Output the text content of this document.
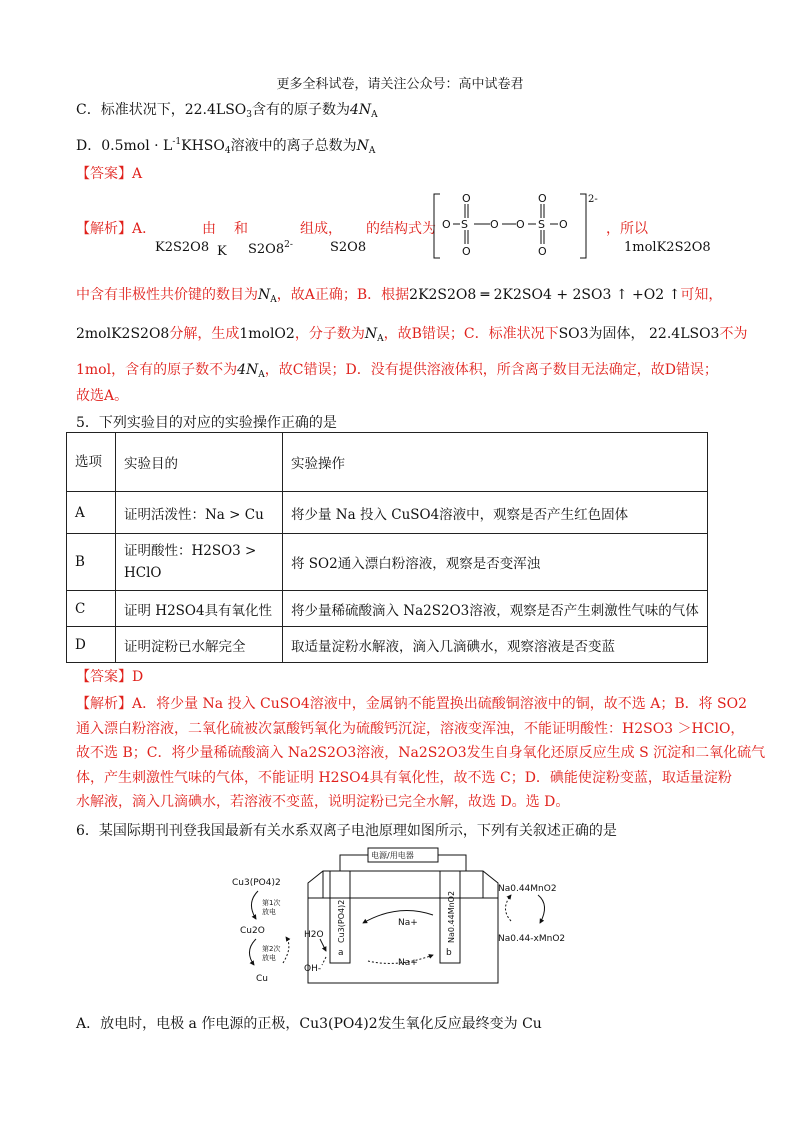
更多全科试卷，请关注公众号：高中试卷君
C．标准状况下，$22.4LSO_3$含有的原子数为$4N_A$
D．$0.5mol \cdot L^{-1}KHSO_4$溶液中的离子总数为$N_A$
【答案】A
【解析】A．	由 和	组成， 的结构式为
K2S2O8 K $S2O8^{2-}$	S2O8
O S O O S O
O
O
O
O
2-
，所以
1molK2S2O8
中含有非极性共价键的数目为$N_A$，故A正确；B．根据2K2S2O8 ═ 2K2SO4 + 2SO3 ↑ +O2 ↑可知，
2molK2S2O8分解，生成1molO2，分子数为$N_A$，故B错误；C．标准状况下SO3为固体， 22.4LSO3不为
1mol，含有的原子数不为$4N_A$，故C错误；D．没有提供溶液体积，所含离子数目无法确定，故D错误；
故选A。
5．下列实验目的对应的实验操作正确的是
选项	实验目的	实验操作
A	证明活泼性：Na > Cu	将少量 Na 投入 CuSO4溶液中，观察是否产生红色固体
B	证明酸性：H2SO3 > HClO	将 SO2通入漂白粉溶液，观察是否变浑浊
C	证明 H2SO4具有氧化性	将少量稀硫酸滴入 Na2S2O3溶液，观察是否产生刺激性气味的气体
D	证明淀粉已水解完全	取适量淀粉水解液，滴入几滴碘水，观察溶液是否变蓝
【答案】D
【解析】A．将少量 Na 投入 CuSO4溶液中，金属钠不能置换出硫酸铜溶液中的铜，故不选 A；B．将 SO2
通入漂白粉溶液，二氧化硫被次氯酸钙氧化为硫酸钙沉淀，溶液变浑浊，不能证明酸性：H2SO3 ＞HClO，
故不选 B；C．将少量稀硫酸滴入 Na2S2O3溶液，Na2S2O3发生自身氧化还原反应生成 S 沉淀和二氧化硫气
体，产生刺激性气味的气体，不能证明 H2SO4具有氧化性，故不选 C；D．碘能使淀粉变蓝，取适量淀粉
水解液，滴入几滴碘水，若溶液不变蓝，说明淀粉已完全水解，故选 D。选 D。
6．某国际期刊刊登我国最新有关水系双离子电池原理如图所示，下列有关叙述正确的是
电源/用电器
Cu3(PO4)2
第1次
放电
Cu2O
第2次
放电
Cu
H2O
OH-
Na+
Na+
a	b
Cu3(PO4)2	Na0.44MnO2
Na0.44MnO2
Na0.44-xMnO2
A．放电时，电极 a 作电源的正极，Cu3(PO4)2发生氧化反应最终变为 Cu
